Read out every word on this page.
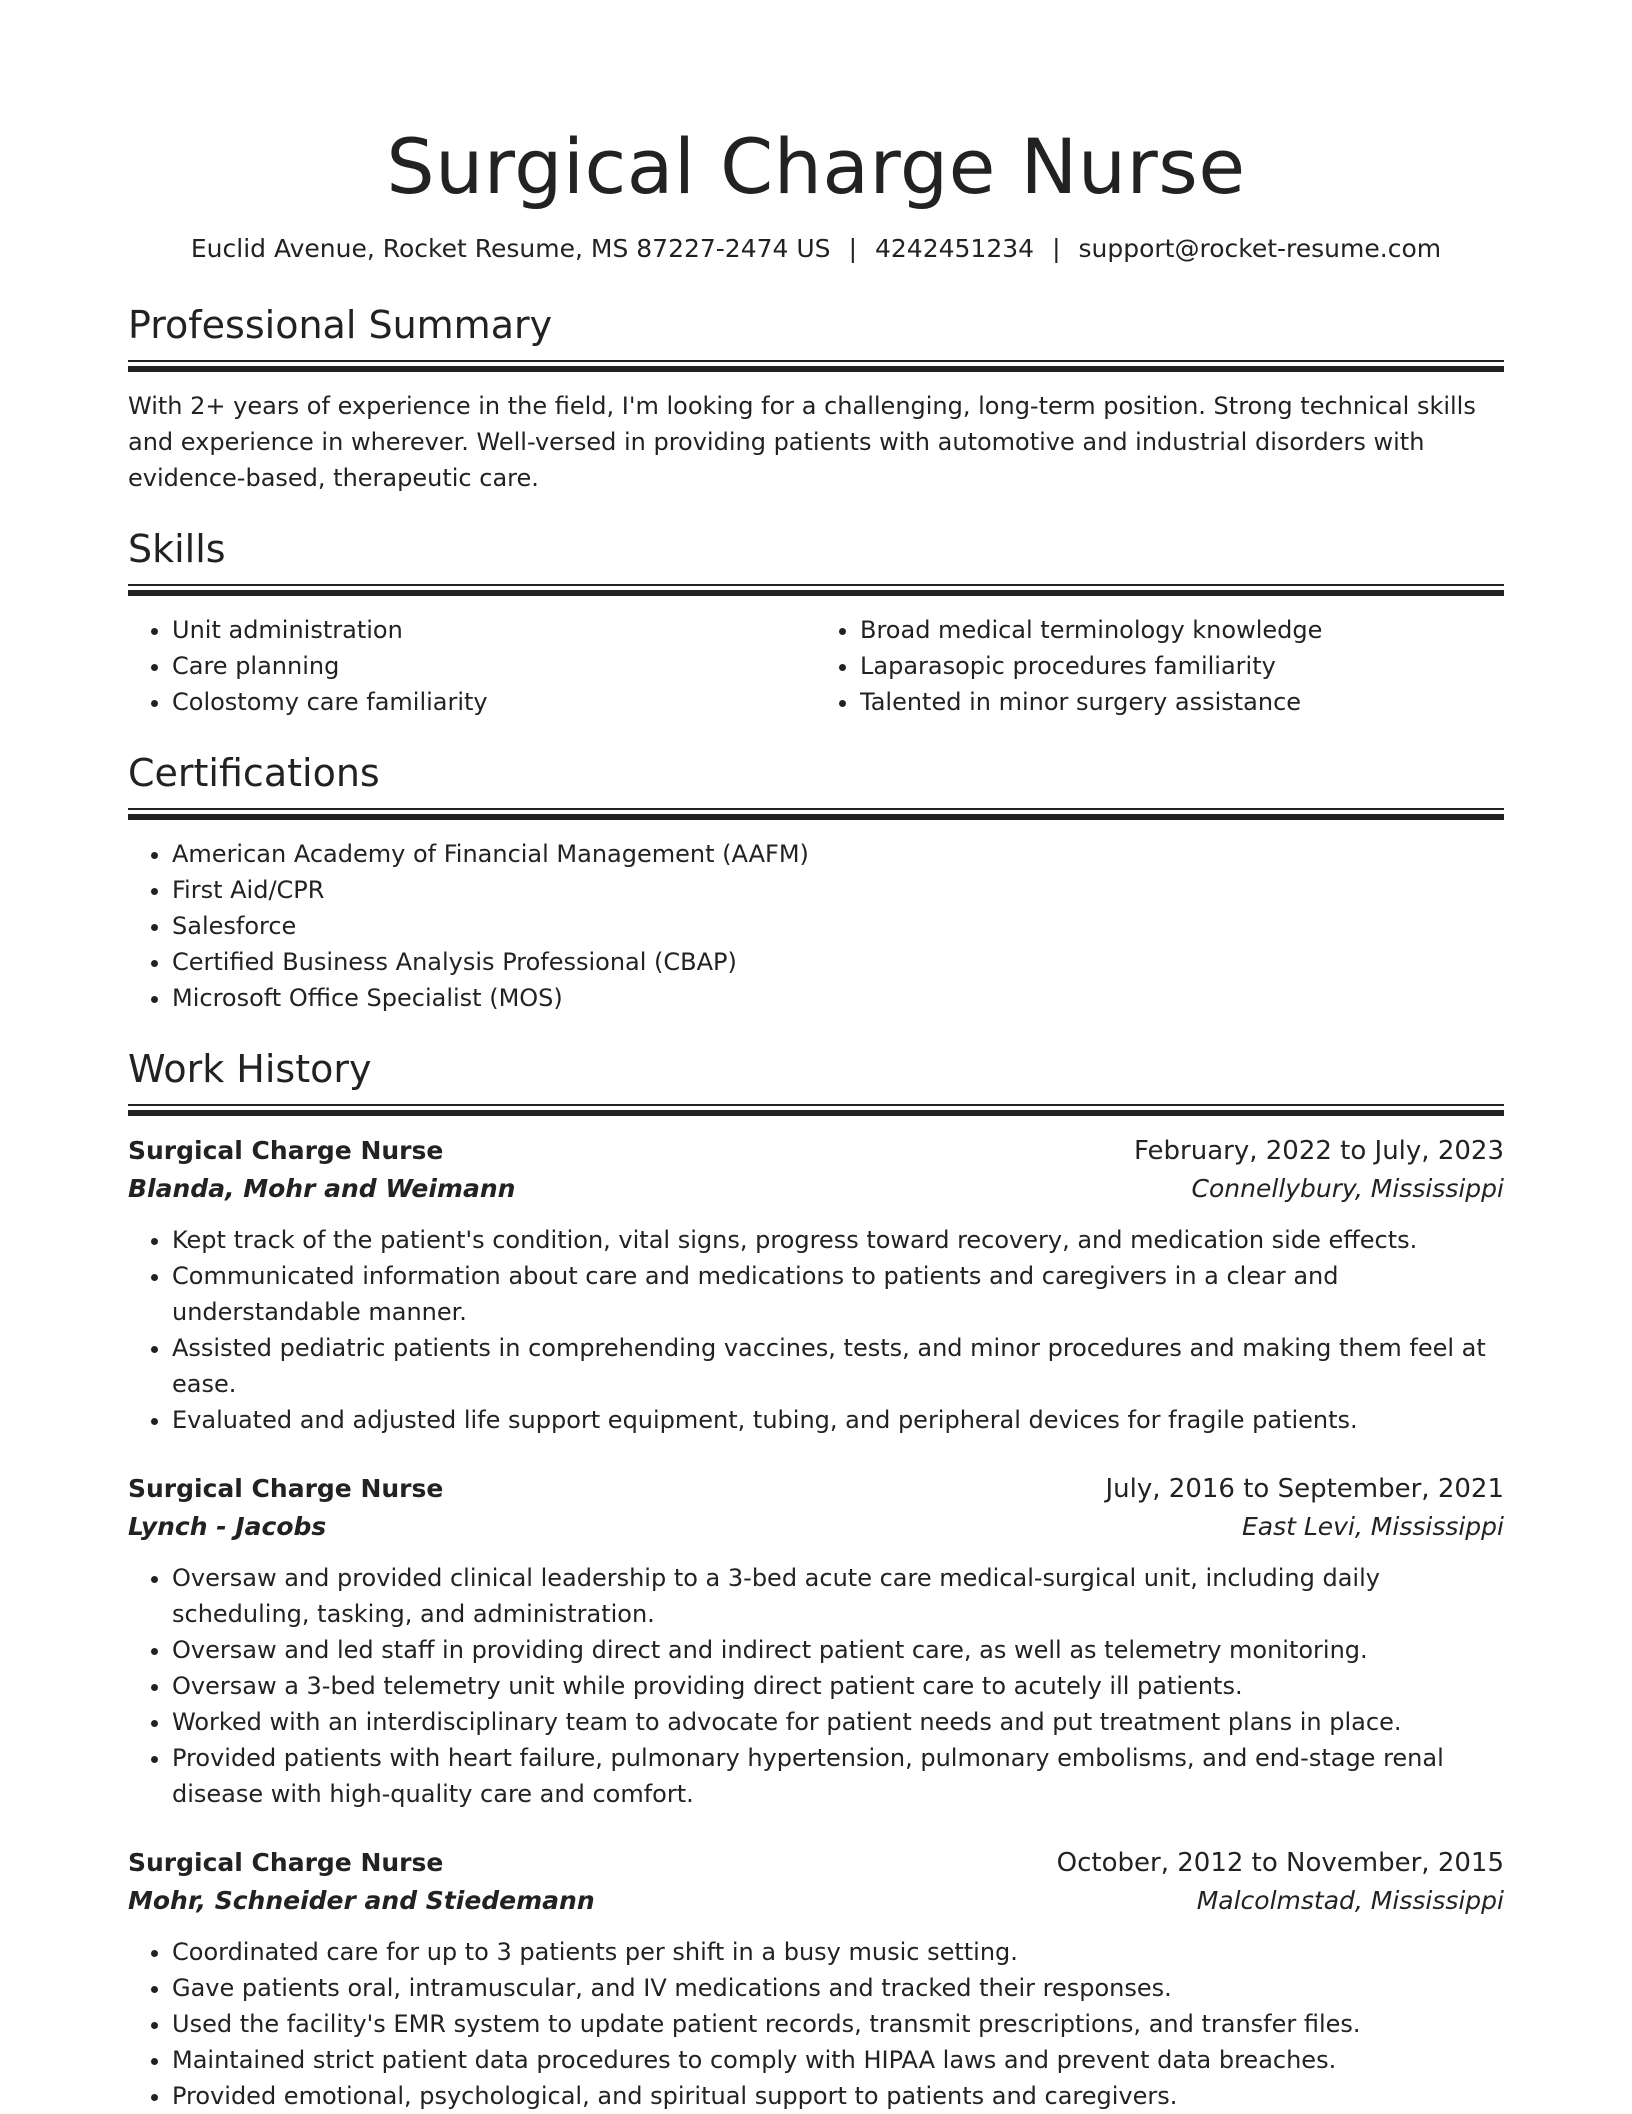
Surgical Charge Nurse
Euclid Avenue, Rocket Resume, MS 87227-2474 US | 4242451234 | support@rocket-resume.com
Professional Summary

With 2+ years of experience in the field, I'm looking for a challenging, long-term position. Strong technical skills and experience in wherever. Well-versed in providing patients with automotive and industrial disorders with evidence-based, therapeutic care.

Skills
• Unit administration
• Care planning
• Colostomy care familiarity
• Broad medical terminology knowledge
• Laparasopic procedures familiarity
• Talented in minor surgery assistance
Certifications
• American Academy of Financial Management (AAFM)
• First Aid/CPR
• Salesforce
• Certified Business Analysis Professional (CBAP)
• Microsoft Office Specialist (MOS)
Work History
Surgical Charge Nurse	February, 2022 to July, 2023
Blanda, Mohr and Weimann	Connellybury, Mississippi
• Kept track of the patient's condition, vital signs, progress toward recovery, and medication side effects.
• Communicated information about care and medications to patients and caregivers in a clear and understandable manner.
• Assisted pediatric patients in comprehending vaccines, tests, and minor procedures and making them feel at ease.
• Evaluated and adjusted life support equipment, tubing, and peripheral devices for fragile patients.
Surgical Charge Nurse	July, 2016 to September, 2021
Lynch - Jacobs	East Levi, Mississippi
• Oversaw and provided clinical leadership to a 3-bed acute care medical-surgical unit, including daily scheduling, tasking, and administration.
• Oversaw and led staff in providing direct and indirect patient care, as well as telemetry monitoring.
• Oversaw a 3-bed telemetry unit while providing direct patient care to acutely ill patients.
• Worked with an interdisciplinary team to advocate for patient needs and put treatment plans in place.
• Provided patients with heart failure, pulmonary hypertension, pulmonary embolisms, and end-stage renal disease with high-quality care and comfort.
Surgical Charge Nurse	October, 2012 to November, 2015
Mohr, Schneider and Stiedemann	Malcolmstad, Mississippi
• Coordinated care for up to 3 patients per shift in a busy music setting.
• Gave patients oral, intramuscular, and IV medications and tracked their responses.
• Used the facility's EMR system to update patient records, transmit prescriptions, and transfer files.
• Maintained strict patient data procedures to comply with HIPAA laws and prevent data breaches.
• Provided emotional, psychological, and spiritual support to patients and caregivers.
